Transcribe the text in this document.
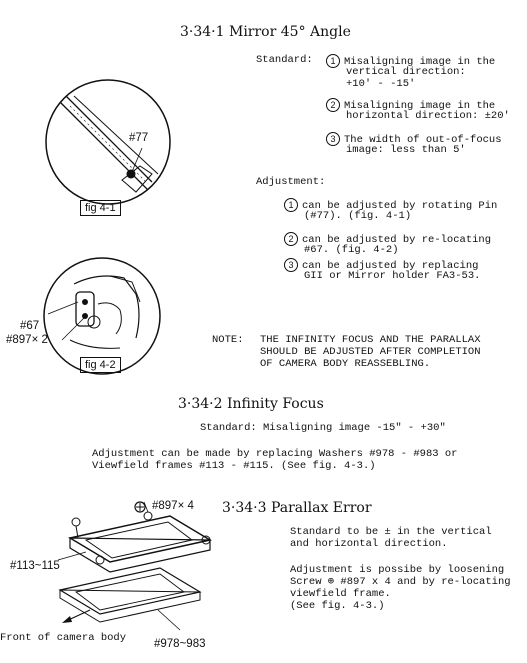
3·34·1 Mirror 45° Angle
Standard:	1 Misaligning image in the
vertical direction:
+10' - -15'
2 Misaligning image in the
horizontal direction: ±20'
3 The width of out-of-focus
image: less than 5'
Adjustment:
1 can be adjusted by rotating Pin
(#77). (fig. 4-1)
2 can be adjusted by re-locating
#67. (fig. 4-2)
3 can be adjusted by replacing
GII or Mirror holder FA3-53.
#77
fig 4-1
#67
#897× 2
fig 4-2
NOTE: THE INFINITY FOCUS AND THE PARALLAX
SHOULD BE ADJUSTED AFTER COMPLETION
OF CAMERA BODY REASSEBLING.
3·34·2 Infinity Focus
Standard: Misaligning image -15" - +30"
Adjustment can be made by replacing Washers #978 - #983 or
Viewfield frames #113 - #115. (See fig. 4-3.)
3·34·3 Parallax Error
Standard to be ± in the vertical
and horizontal direction.
Adjustment is possibe by loosening
Screw ⊕ #897 x 4 and by re-locating
viewfield frame.
(See fig. 4-3.)
#897× 4
#113~115
Front of camera body #978~983
